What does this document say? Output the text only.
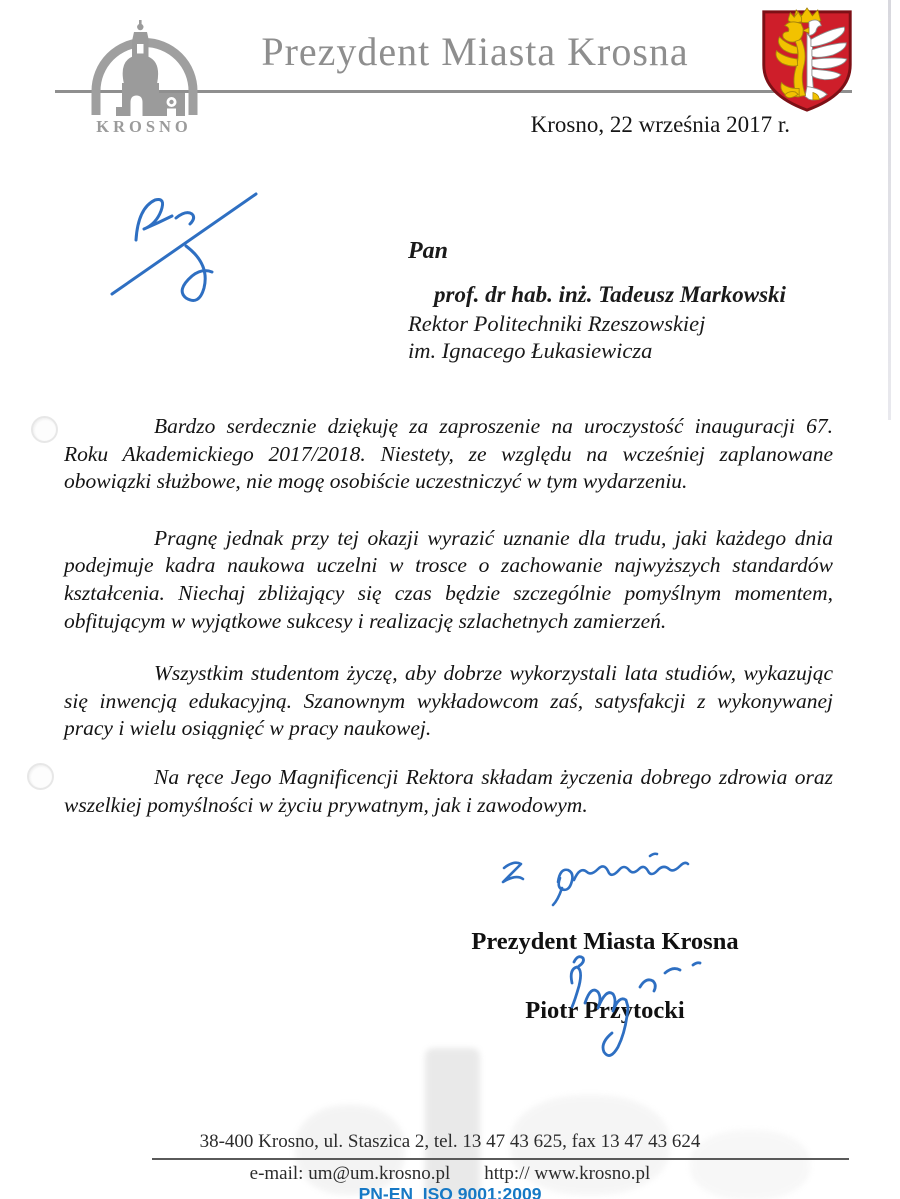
KROSNO
Prezydent Miasta Krosna
Krosno, 22 września 2017 r.
Pan
prof. dr hab. inż. Tadeusz Markowski
Rektor Politechniki Rzeszowskiej
im. Ignacego Łukasiewicza

Bardzo serdecznie dziękuję za zaproszenie na uroczystość inauguracji 67. Roku Akademickiego 2017/2018. Niestety, ze względu na wcześniej zaplanowane obowiązki służbowe, nie mogę osobiście uczestniczyć w tym wydarzeniu.

Pragnę jednak przy tej okazji wyrazić uznanie dla trudu, jaki każdego dnia podejmuje kadra naukowa uczelni w trosce o zachowanie najwyższych standardów kształcenia. Niechaj zbliżający się czas będzie szczególnie pomyślnym momentem, obfitującym w wyjątkowe sukcesy i realizację szlachetnych zamierzeń.

Wszystkim studentom życzę, aby dobrze wykorzystali lata studiów, wykazując się inwencją edukacyjną. Szanownym wykładowcom zaś, satysfakcji z wykonywanej pracy i wielu osiągnięć w pracy naukowej.

Na ręce Jego Magnificencji Rektora składam życzenia dobrego zdrowia oraz wszelkiej pomyślności w życiu prywatnym, jak i zawodowym.

Prezydent Miasta Krosna
Piotr Przytocki
38-400 Krosno, ul. Staszica 2, tel. 13 47 43 625, fax 13 47 43 624
e-mail: um@um.krosno.pl http:// www.krosno.pl
PN-EN  ISO 9001:2009
